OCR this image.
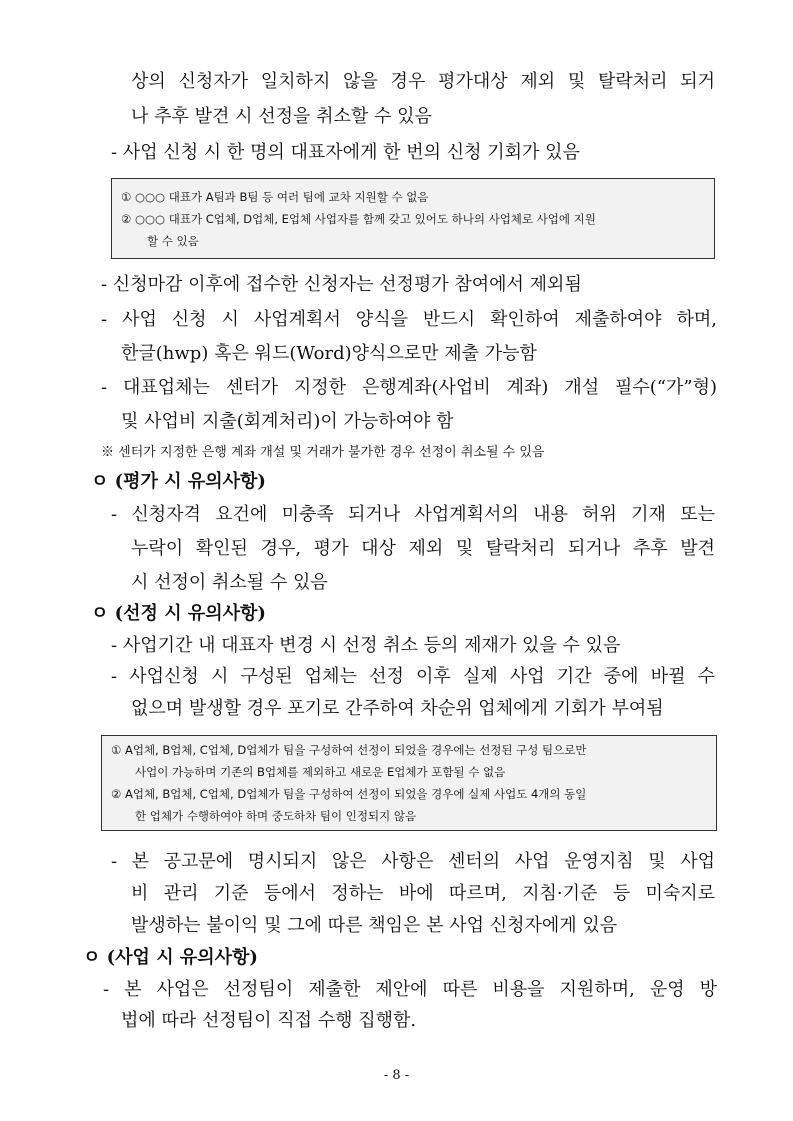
상의 신청자가 일치하지 않을 경우 평가대상 제외 및 탈락처리 되거
나 추후 발견 시 선정을 취소할 수 있음
- 사업 신청 시 한 명의 대표자에게 한 번의 신청 기회가 있음
① ○○○ 대표가 A팀과 B팀 등 여러 팀에 교차 지원할 수 없음
② ○○○ 대표가 C업체, D업체, E업체 사업자를 함께 갖고 있어도 하나의 사업체로 사업에 지원
할 수 있음
- 신청마감 이후에 접수한 신청자는 선정평가 참여에서 제외됨
- 사업 신청 시 사업계획서 양식을 반드시 확인하여 제출하여야 하며,
한글(hwp) 혹은 워드(Word)양식으로만 제출 가능함
- 대표업체는 센터가 지정한 은행계좌(사업비 계좌) 개설 필수(“가”형)
및 사업비 지출(회계처리)이 가능하여야 함
※ 센터가 지정한 은행 계좌 개설 및 거래가 불가한 경우 선정이 취소될 수 있음
ㅇ (평가 시 유의사항)
- 신청자격 요건에 미충족 되거나 사업계획서의 내용 허위 기재 또는
누락이 확인된 경우, 평가 대상 제외 및 탈락처리 되거나 추후 발견
시 선정이 취소될 수 있음
ㅇ (선정 시 유의사항)
- 사업기간 내 대표자 변경 시 선정 취소 등의 제재가 있을 수 있음
- 사업신청 시 구성된 업체는 선정 이후 실제 사업 기간 중에 바뀔 수
없으며 발생할 경우 포기로 간주하여 차순위 업체에게 기회가 부여됨
① A업체, B업체, C업체, D업체가 팀을 구성하여 선정이 되었을 경우에는 선정된 구성 팀으로만
사업이 가능하며 기존의 B업체를 제외하고 새로운 E업체가 포함될 수 없음
② A업체, B업체, C업체, D업체가 팀을 구성하여 선정이 되었을 경우에 실제 사업도 4개의 동일
한 업체가 수행하여야 하며 중도하차 팀이 인정되지 않음
- 본 공고문에 명시되지 않은 사항은 센터의 사업 운영지침 및 사업
비 관리 기준 등에서 정하는 바에 따르며, 지침·기준 등 미숙지로
발생하는 불이익 및 그에 따른 책임은 본 사업 신청자에게 있음
ㅇ (사업 시 유의사항)
- 본 사업은 선정팀이 제출한 제안에 따른 비용을 지원하며, 운영 방
법에 따라 선정팀이 직접 수행 집행함.
- 8 -
